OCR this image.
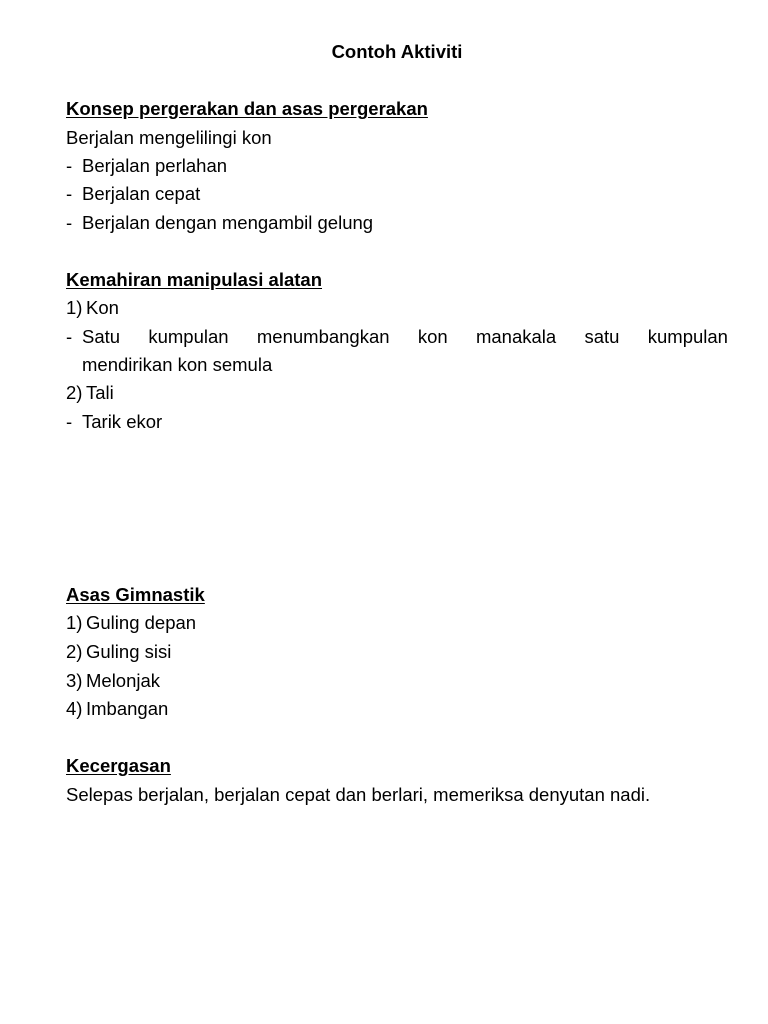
Contoh Aktiviti
Konsep pergerakan dan asas pergerakan
Berjalan mengelilingi kon
- Berjalan perlahan
- Berjalan cepat
- Berjalan dengan mengambil gelung
Kemahiran manipulasi alatan
1) Kon
- Satu kumpulan menumbangkan kon manakala satu kumpulan
mendirikan kon semula
2) Tali
- Tarik ekor
Asas Gimnastik
1) Guling depan
2) Guling sisi
3) Melonjak
4) Imbangan
Kecergasan
Selepas berjalan, berjalan cepat dan berlari, memeriksa denyutan nadi.
